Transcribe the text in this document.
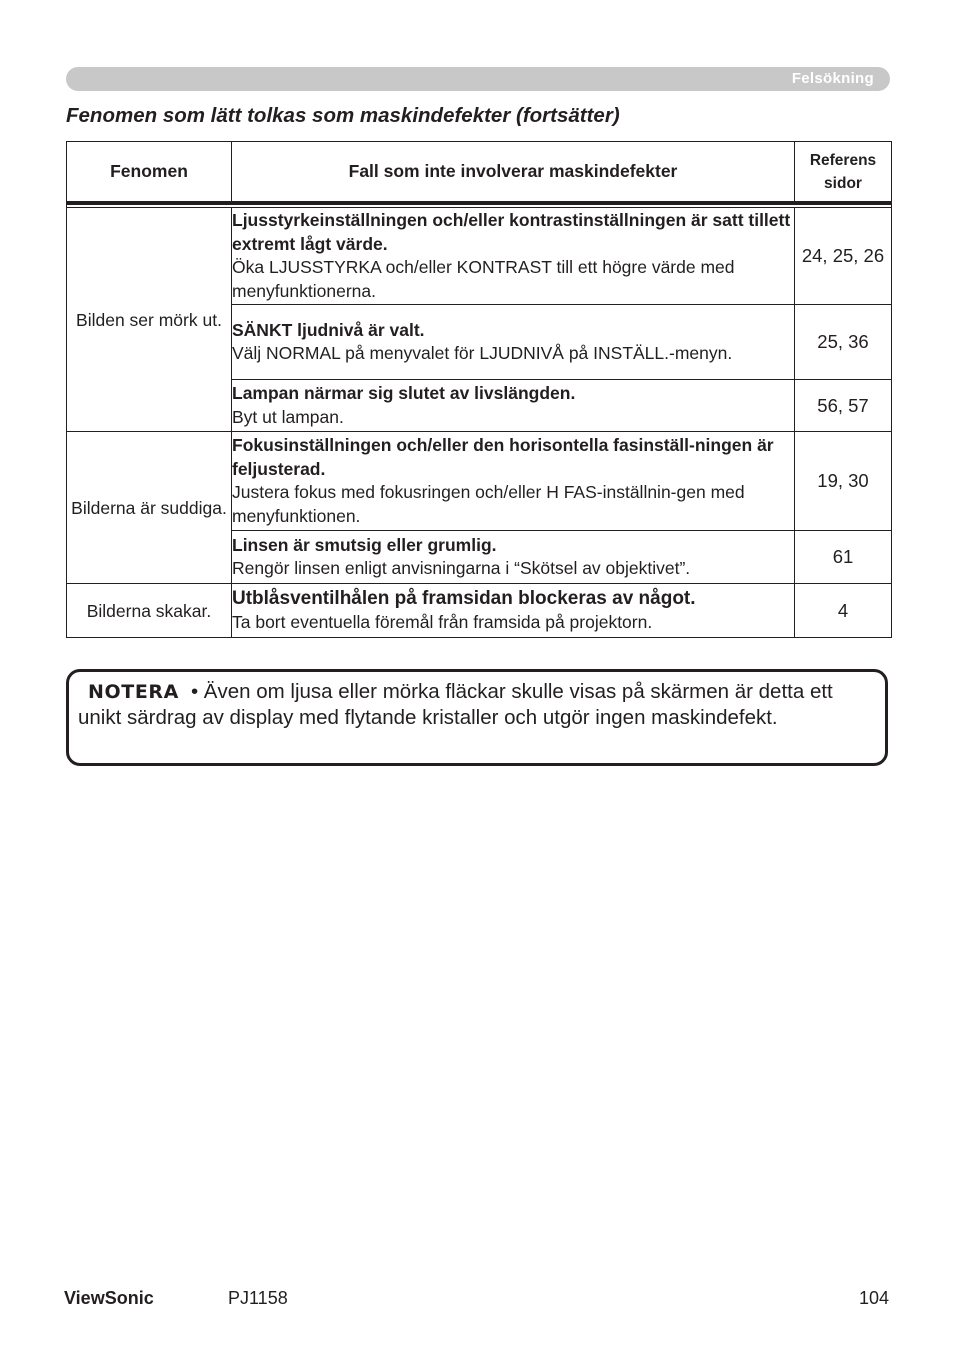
Felsökning
Fenomen som lätt tolkas som maskindefekter (fortsätter)
Fenomen	Fall som inte involverar maskindefekter	Referens
sidor

Bilden ser mörk ut.	Ljusstyrkeinställningen och/eller kontrastinställningen är satt tillett extremt lågt värde.
Öka LJUSSTYRKA och/eller KONTRAST till ett högre värde med menyfunktionerna.	24, 25, 26

	SÄNKT ljudnivå är valt.
Välj NORMAL på menyvalet för LJUDNIVÅ på INSTÄLL.-menyn.	25, 36

	Lampan närmar sig slutet av livslängden.
Byt ut lampan.	56, 57
Bilderna är suddiga.	Fokusinställningen och/eller den horisontella fasinställ-ningen är feljusterad.
Justera fokus med fokusringen och/eller H FAS-inställnin-gen med menyfunktionen.	19, 30

	Linsen är smutsig eller grumlig.
Rengör linsen enligt anvisningarna i “Skötsel av objektivet”.	61
Bilderna skakar.	Utblåsventilhålen på framsidan blockeras av något.
Ta bort eventuella föremål från framsida på projektorn.	4
NOTERA • Även om ljusa eller mörka fläckar skulle visas på skärmen är detta ett unikt särdrag av display med flytande kristaller och utgör ingen maskindefekt.
ViewSonic	PJ1158	104
